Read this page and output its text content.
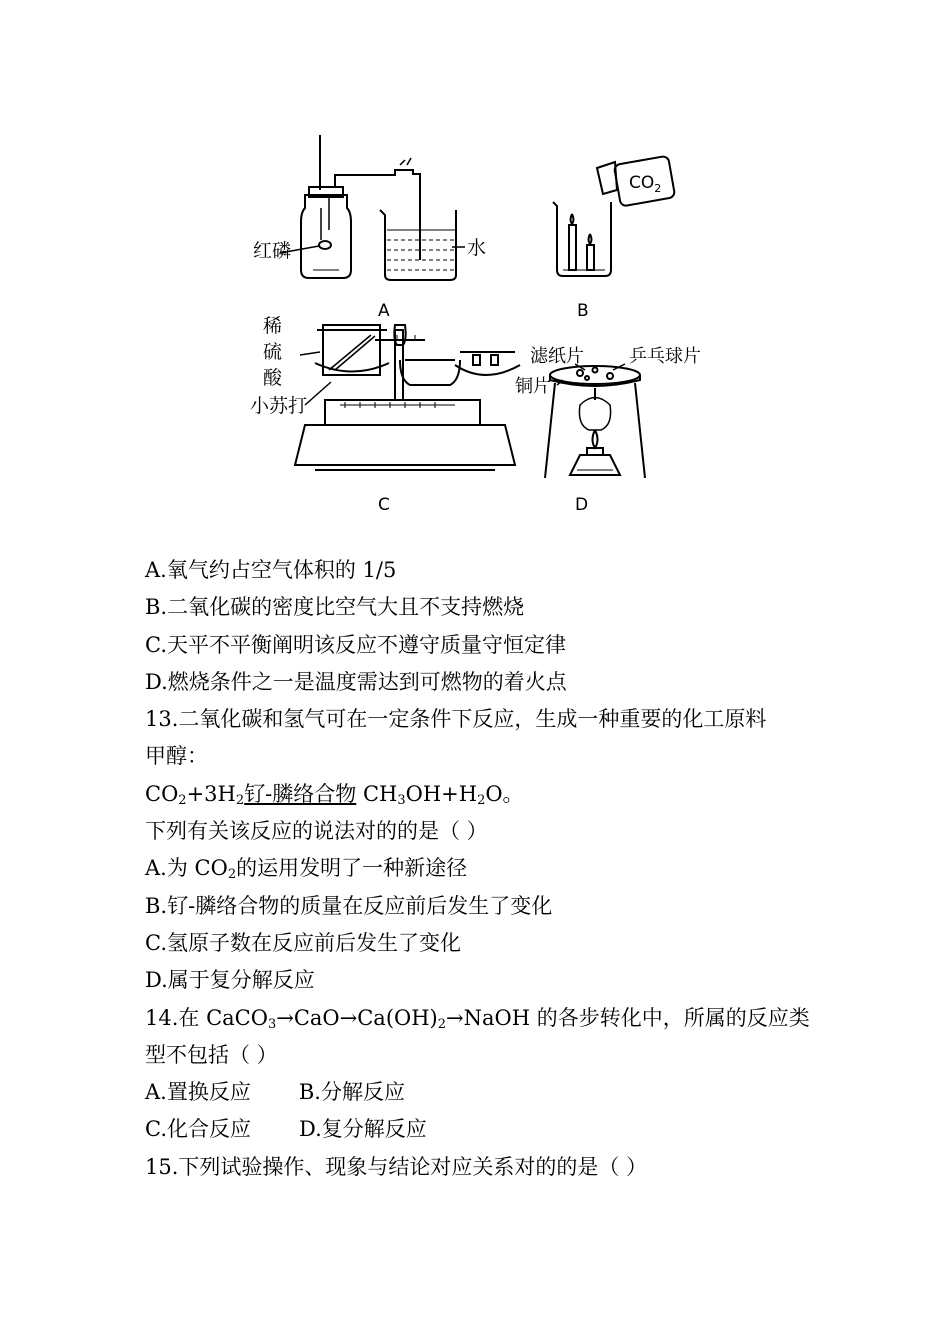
红磷	水
$CO_2$
稀
硫
酸
小苏打
滤纸片	乒乓球片
铜片
A	B
C	D
A.氧气约占空气体积的 1/5
B.二氧化碳的密度比空气大且不支持燃烧
C.天平不平衡阐明该反应不遵守质量守恒定律
D.燃烧条件之一是温度需达到可燃物的着火点
13.二氧化碳和氢气可在一定条件下反应，生成一种重要的化工原料
甲醇：
$CO_2+3H_2$钌-膦络合物 $CH_3OH+H_2O$。
下列有关该反应的说法对的的是（ ）
A.为 $CO_2$的运用发明了一种新途径
B.钌-膦络合物的质量在反应前后发生了变化
C.氢原子数在反应前后发生了变化
D.属于复分解反应
14.在 $CaCO_3\to CaO\to Ca(OH)_2\to NaOH$ 的各步转化中，所属的反应类
型不包括（ ）
A.置换反应 B.分解反应
C.化合反应 D.复分解反应
15.下列试验操作、现象与结论对应关系对的的是（ ）
